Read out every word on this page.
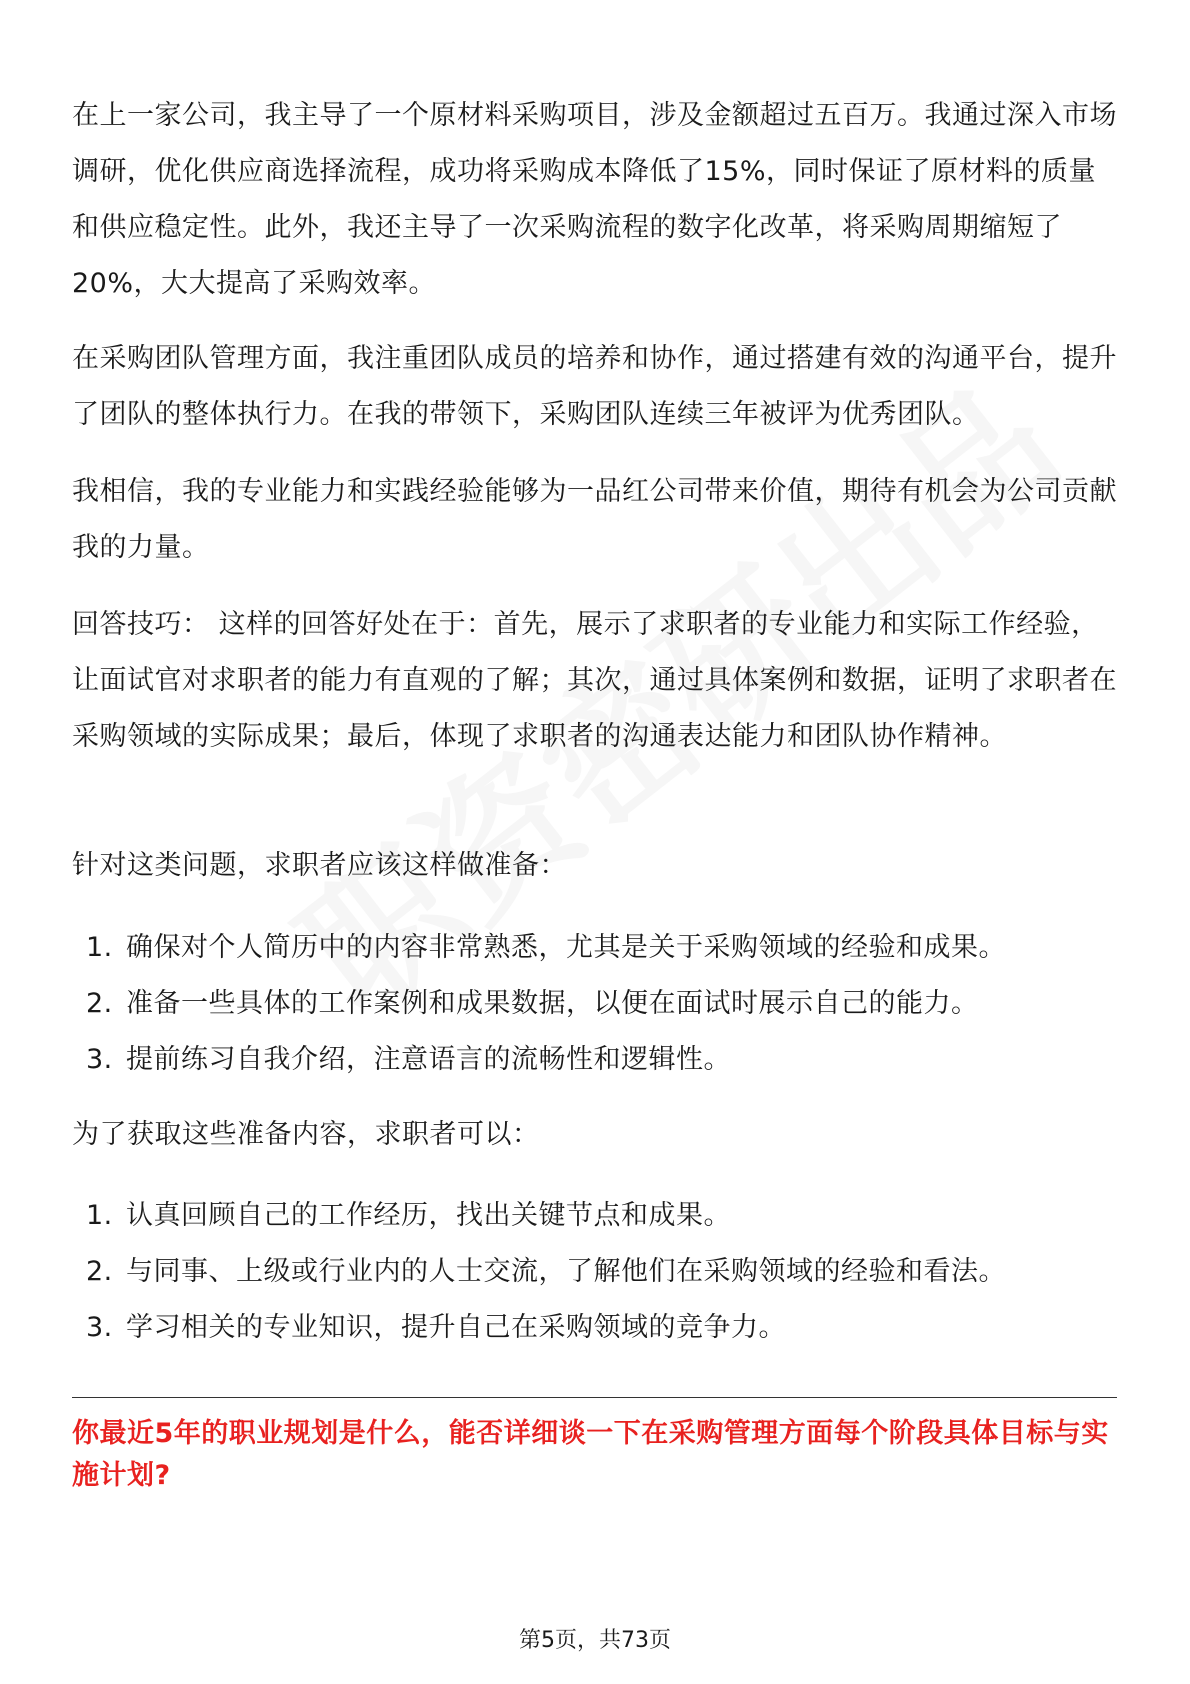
在上一家公司，我主导了一个原材料采购项目，涉及金额超过五百万。我通过深入市场调研，优化供应商选择流程，成功将采购成本降低了15%，同时保证了原材料的质量和供应稳定性。此外，我还主导了一次采购流程的数字化改革，将采购周期缩短了20%，大大提高了采购效率。

在采购团队管理方面，我注重团队成员的培养和协作，通过搭建有效的沟通平台，提升了团队的整体执行力。在我的带领下，采购团队连续三年被评为优秀团队。

我相信，我的专业能力和实践经验能够为一品红公司带来价值，期待有机会为公司贡献我的力量。

回答技巧： 这样的回答好处在于：首先，展示了求职者的专业能力和实际工作经验，让面试官对求职者的能力有直观的了解；其次，通过具体案例和数据，证明了求职者在采购领域的实际成果；最后，体现了求职者的沟通表达能力和团队协作精神。

针对这类问题，求职者应该这样做准备：

1. 确保对个人简历中的内容非常熟悉，尤其是关于采购领域的经验和成果。
2. 准备一些具体的工作案例和成果数据，以便在面试时展示自己的能力。
3. 提前练习自我介绍，注意语言的流畅性和逻辑性。

为了获取这些准备内容，求职者可以：

1. 认真回顾自己的工作经历，找出关键节点和成果。
2. 与同事、上级或行业内的人士交流，了解他们在采购领域的经验和看法。
3. 学习相关的专业知识，提升自己在采购领域的竞争力。

你最近5年的职业规划是什么，能否详细谈一下在采购管理方面每个阶段具体目标与实施计划?

第5页，共73页
